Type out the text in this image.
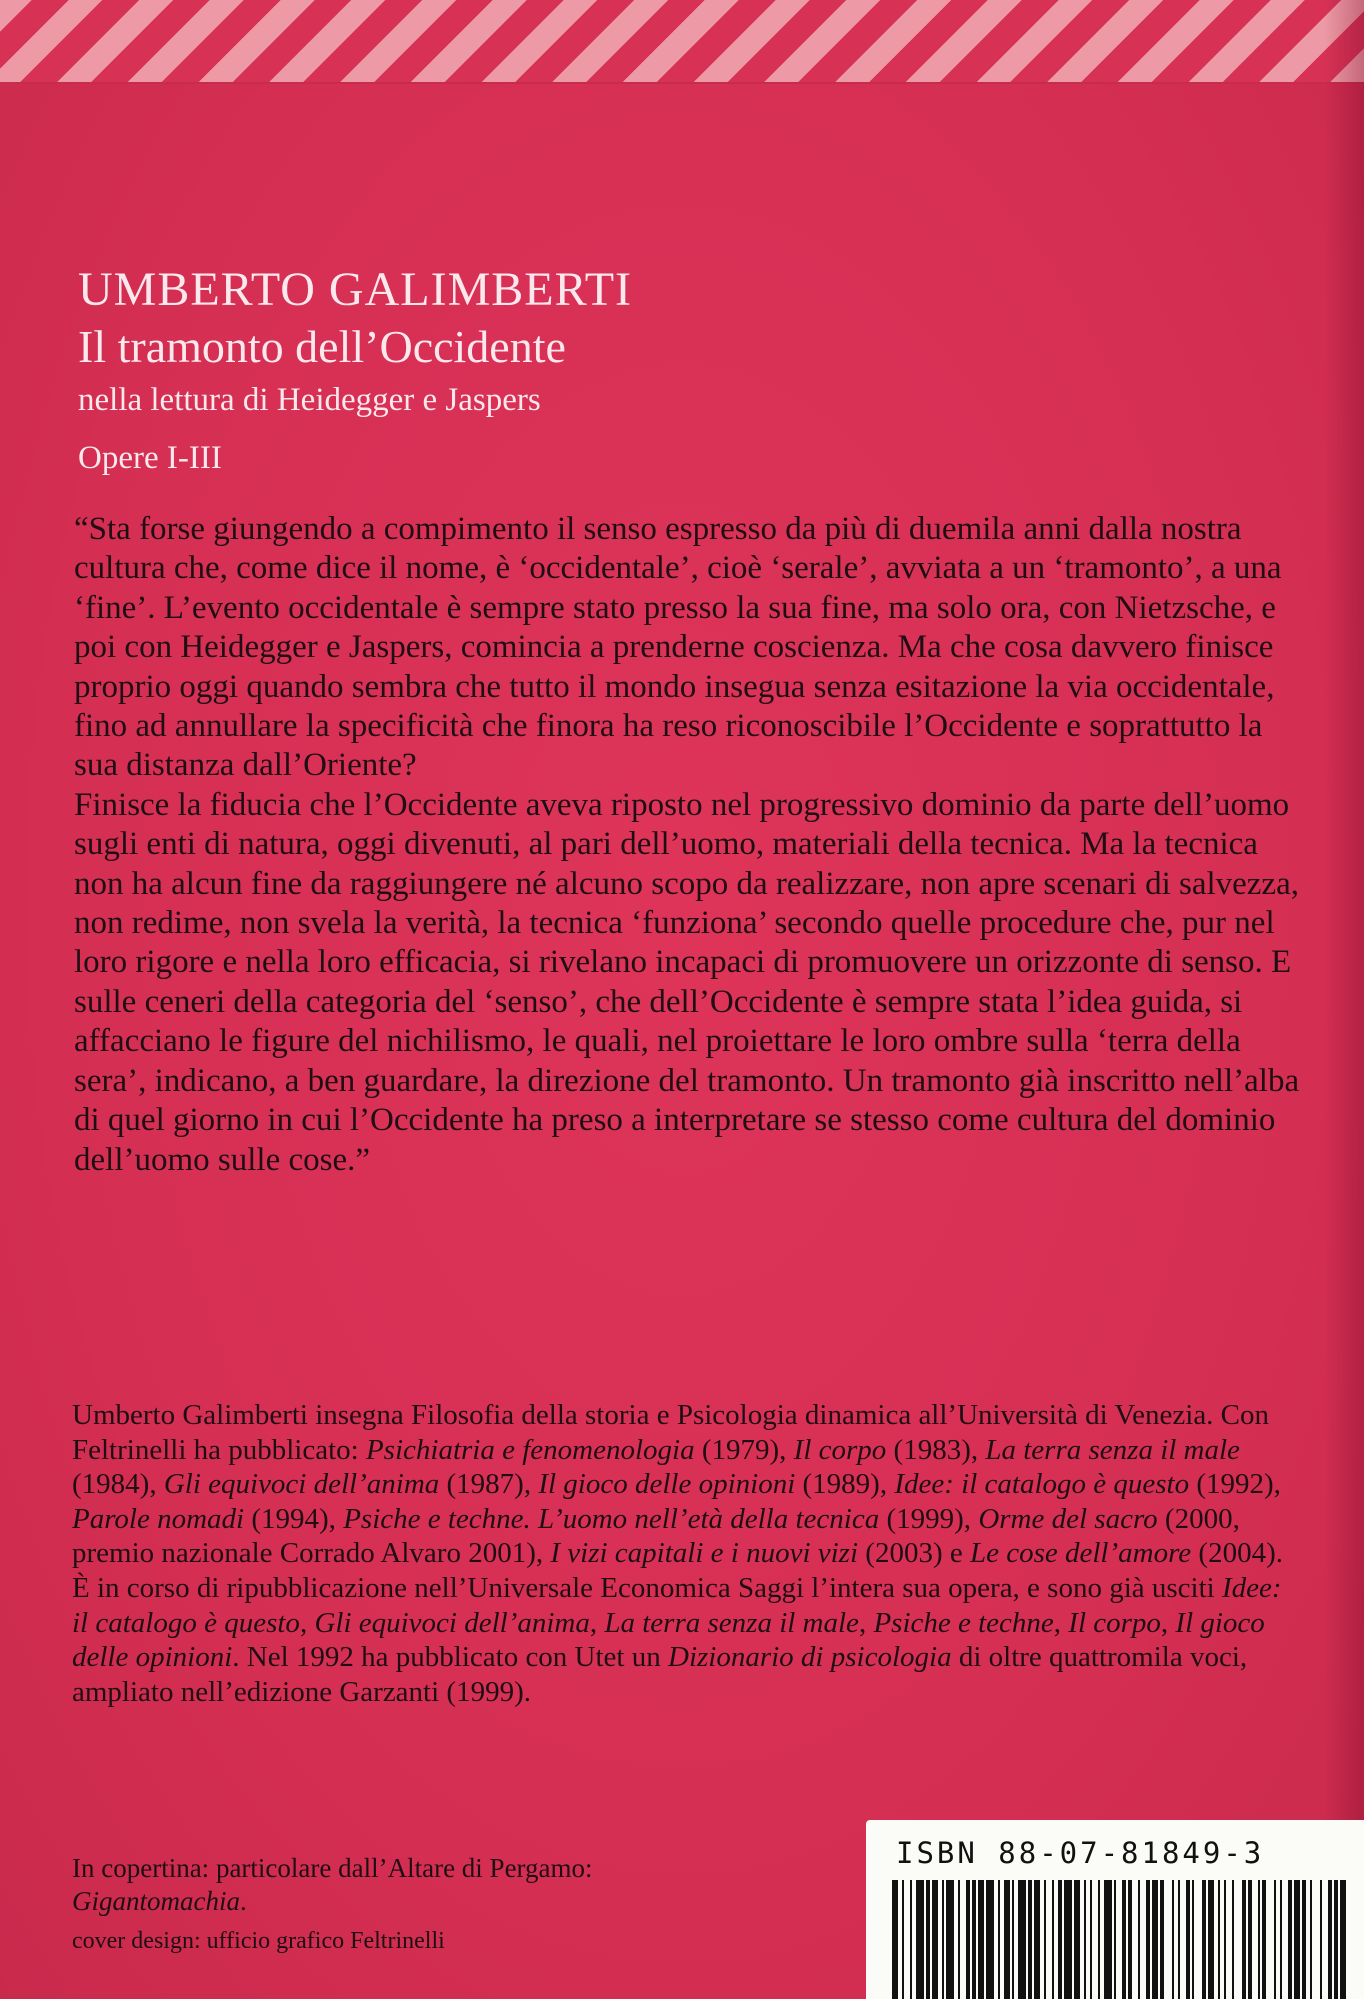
UMBERTO GALIMBERTI
Il tramonto dell’Occidente
nella lettura di Heidegger e Jaspers
Opere I-III

“Sta forse giungendo a compimento il senso espresso da più di duemila anni dalla nostra cultura che, come dice il nome, è ‘occidentale’, cioè ‘serale’, avviata a un ‘tramonto’, a una ‘fine’. L’evento occidentale è sempre stato presso la sua fine, ma solo ora, con Nietzsche, e poi con Heidegger e Jaspers, comincia a prenderne coscienza. Ma che cosa davvero finisce proprio oggi quando sembra che tutto il mondo insegua senza esitazione la via occidentale, fino ad annullare la specificità che finora ha reso riconoscibile l’Occidente e soprattutto la sua distanza dall’Oriente?

Finisce la fiducia che l’Occidente aveva riposto nel progressivo dominio da parte dell’uomo sugli enti di natura, oggi divenuti, al pari dell’uomo, materiali della tecnica. Ma la tecnica non ha alcun fine da raggiungere né alcuno scopo da realizzare, non apre scenari di salvezza, non redime, non svela la verità, la tecnica ‘funziona’ secondo quelle procedure che, pur nel loro rigore e nella loro efficacia, si rivelano incapaci di promuovere un orizzonte di senso. E sulle ceneri della categoria del ‘senso’, che dell’Occidente è sempre stata l’idea guida, si affacciano le figure del nichilismo, le quali, nel proiettare le loro ombre sulla ‘terra della sera’, indicano, a ben guardare, la direzione del tramonto. Un tramonto già inscritto nell’alba di quel giorno in cui l’Occidente ha preso a interpretare se stesso come cultura del dominio dell’uomo sulle cose.”

Umberto Galimberti insegna Filosofia della storia e Psicologia dinamica all’Università di Venezia. Con Feltrinelli ha pubblicato: Psichiatria e fenomenologia (1979), Il corpo (1983), La terra senza il male (1984), Gli equivoci dell’anima (1987), Il gioco delle opinioni (1989), Idee: il catalogo è questo (1992), Parole nomadi (1994), Psiche e techne. L’uomo nell’età della tecnica (1999), Orme del sacro (2000, premio nazionale Corrado Alvaro 2001), I vizi capitali e i nuovi vizi (2003) e Le cose dell’amore (2004). È in corso di ripubblicazione nell’Universale Economica Saggi l’intera sua opera, e sono già usciti Idee: il catalogo è questo, Gli equivoci dell’anima, La terra senza il male, Psiche e techne, Il corpo, Il gioco delle opinioni. Nel 1992 ha pubblicato con Utet un Dizionario di psicologia di oltre quattromila voci, ampliato nell’edizione Garzanti (1999).

In copertina: particolare dall’Altare di Pergamo:
Gigantomachia.
cover design: ufficio grafico Feltrinelli
ISBN 88-07-81849-3
